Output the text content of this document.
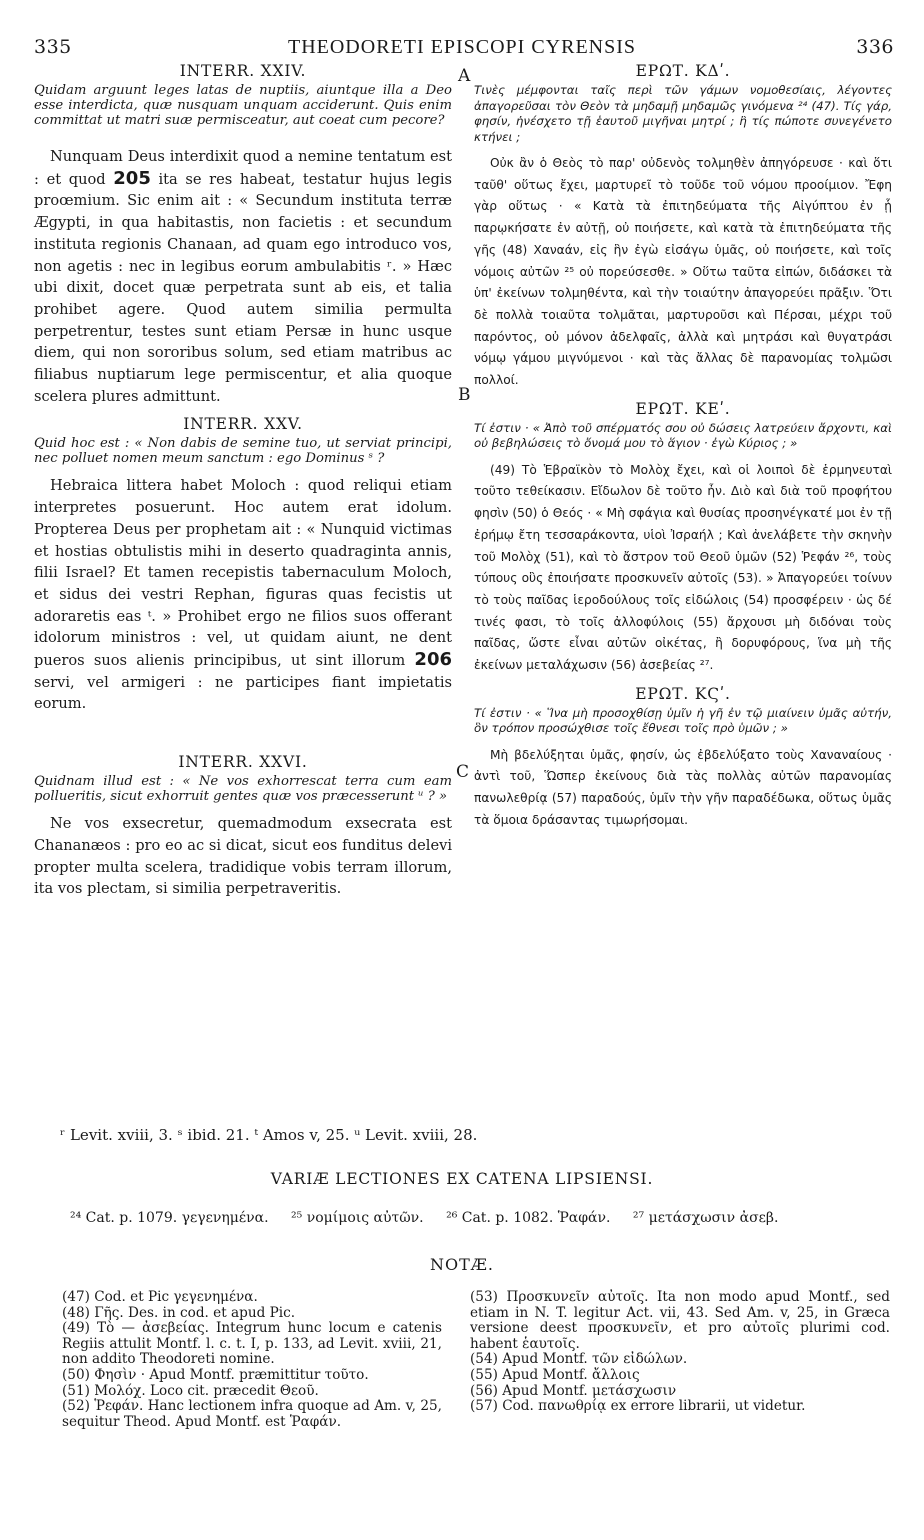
335	THEODORETI EPISCOPI CYRENSIS	336
A
B
C
INTERR. XXIV.
Quidam arguunt leges latas de nuptiis, aiuntque illa a Deo esse interdicta, quæ nusquam unquam acciderunt. Quis enim committat ut matri suæ permisceatur, aut coeat cum pecore?
Nunquam Deus interdixit quod a nemine tentatum est : et quod 205 ita se res habeat, testatur hujus legis proœmium. Sic enim ait : « Secundum instituta terræ Ægypti, in qua habitastis, non facietis : et secundum instituta regionis Chanaan, ad quam ego introduco vos, non agetis : nec in legibus eorum ambulabitis ʳ. » Hæc ubi dixit, docet quæ perpetrata sunt ab eis, et talia prohibet agere. Quod autem similia permulta perpetrentur, testes sunt etiam Persæ in hunc usque diem, qui non sororibus solum, sed etiam matribus ac filiabus nuptiarum lege permiscentur, et alia quoque scelera plures admittunt.
INTERR. XXV.
Quid hoc est : « Non dabis de semine tuo, ut serviat principi, nec polluet nomen meum sanctum : ego Dominus ˢ ?
Hebraica littera habet Moloch : quod reliqui etiam interpretes posuerunt. Hoc autem erat idolum. Propterea Deus per prophetam ait : « Nunquid victimas et hostias obtulistis mihi in deserto quadraginta annis, filii Israel? Et tamen recepistis tabernaculum Moloch, et sidus dei vestri Rephan, figuras quas fecistis ut adoraretis eas ᵗ. » Prohibet ergo ne filios suos offerant idolorum ministros : vel, ut quidam aiunt, ne dent pueros suos alienis principibus, ut sint illorum 206 servi, vel armigeri : ne participes fiant impietatis eorum.
INTERR. XXVI.
Quidnam illud est : « Ne vos exhorrescat terra cum eam pollueritis, sicut exhorruit gentes quæ vos præcesserunt ᵘ ? »
Ne vos exsecretur, quemadmodum exsecrata est Chananæos : pro eo ac si dicat, sicut eos funditus delevi propter multa scelera, tradidique vobis terram illorum, ita vos plectam, si similia perpetraveritis.
ΕΡΩΤ. ΚΔʹ.
Τινὲς μέμφονται ταῖς περὶ τῶν γάμων νομοθεσίαις, λέγοντες ἀπαγορεῦσαι τὸν Θεὸν τὰ μηδαμῇ μηδαμῶς γινόμενα ²⁴ (47). Τίς γάρ, φησίν, ἠνέσχετο τῇ ἑαυτοῦ μιγῆναι μητρί ; ἢ τίς πώποτε συνεγένετο κτήνει ;
Οὐκ ἂν ὁ Θεὸς τὸ παρ' οὐδενὸς τολμηθὲν ἀπηγόρευσε · καὶ ὅτι ταῦθ' οὕτως ἔχει, μαρτυρεῖ τὸ τοῦδε τοῦ νόμου προοίμιον. Ἔφη γὰρ οὕτως · « Κατὰ τὰ ἐπιτηδεύματα τῆς Αἰγύπτου ἐν ᾗ παρῳκήσατε ἐν αὐτῇ, οὐ ποιήσετε, καὶ κατὰ τὰ ἐπιτηδεύματα τῆς γῆς (48) Χαναάν, εἰς ἣν ἐγὼ εἰσάγω ὑμᾶς, οὐ ποιήσετε, καὶ τοῖς νόμοις αὐτῶν ²⁵ οὐ πορεύσεσθε. » Οὕτω ταῦτα εἰπών, διδάσκει τὰ ὑπ' ἐκείνων τολμηθέντα, καὶ τὴν τοιαύτην ἀπαγορεύει πρᾶξιν. Ὅτι δὲ πολλὰ τοιαῦτα τολμᾶται, μαρτυροῦσι καὶ Πέρσαι, μέχρι τοῦ παρόντος, οὐ μόνον ἀδελφαῖς, ἀλλὰ καὶ μητράσι καὶ θυγατράσι νόμῳ γάμου μιγνύμενοι · καὶ τὰς ἄλλας δὲ παρανομίας τολμῶσι πολλοί.
ΕΡΩΤ. ΚΕʹ.
Τί ἐστιν · « Ἀπὸ τοῦ σπέρματός σου οὐ δώσεις λατρεύειν ἄρχοντι, καὶ οὐ βεβηλώσεις τὸ ὄνομά μου τὸ ἅγιον · ἐγὼ Κύριος ; »
(49) Τὸ Ἑβραϊκὸν τὸ Μολὸχ ἔχει, καὶ οἱ λοιποὶ δὲ ἑρμηνευταὶ τοῦτο τεθείκασιν. Εἴδωλον δὲ τοῦτο ἦν. Διὸ καὶ διὰ τοῦ προφήτου φησὶν (50) ὁ Θεός · « Μὴ σφάγια καὶ θυσίας προσηνέγκατέ μοι ἐν τῇ ἐρήμῳ ἔτη τεσσαράκοντα, υἱοὶ Ἰσραήλ ; Καὶ ἀνελάβετε τὴν σκηνὴν τοῦ Μολὸχ (51), καὶ τὸ ἄστρον τοῦ Θεοῦ ὑμῶν (52) Ῥεφάν ²⁶, τοὺς τύπους οὓς ἐποιήσατε προσκυνεῖν αὐτοῖς (53). » Ἀπαγορεύει τοίνυν τὸ τοὺς παῖδας ἱεροδούλους τοῖς εἰδώλοις (54) προσφέρειν · ὡς δέ τινές φασι, τὸ τοῖς ἀλλοφύλοις (55) ἄρχουσι μὴ διδόναι τοὺς παῖδας, ὥστε εἶναι αὐτῶν οἰκέτας, ἢ δορυφόρους, ἵνα μὴ τῆς ἐκείνων μεταλάχωσιν (56) ἀσεβείας ²⁷.
ΕΡΩΤ. ΚϚʹ.
Τί ἐστιν · « Ἵνα μὴ προσοχθίσῃ ὑμῖν ἡ γῆ ἐν τῷ μιαίνειν ὑμᾶς αὐτήν, ὃν τρόπον προσώχθισε τοῖς ἔθνεσι τοῖς πρὸ ὑμῶν ; »
Μὴ βδελύξηται ὑμᾶς, φησίν, ὡς ἐβδελύξατο τοὺς Χαναναίους · ἀντὶ τοῦ, Ὥσπερ ἐκείνους διὰ τὰς πολλὰς αὐτῶν παρανομίας πανωλεθρίᾳ (57) παραδούς, ὑμῖν τὴν γῆν παραδέδωκα, οὕτως ὑμᾶς τὰ ὅμοια δράσαντας τιμωρήσομαι.
ʳ Levit. xviii, 3. ˢ ibid. 21. ᵗ Amos v, 25. ᵘ Levit. xviii, 28.
VARIÆ LECTIONES EX CATENA LIPSIENSI.
²⁴ Cat. p. 1079. γεγενημένα. ²⁵ νομίμοις αὐτῶν. ²⁶ Cat. p. 1082. Ῥαφάν. ²⁷ μετάσχωσιν ἀσεβ.
NOTÆ.
(47) Cod. et Pic γεγενημένα.
(48) Γῆς. Des. in cod. et apud Pic.
(49) Τὸ — ἀσεβείας. Integrum hunc locum e catenis Regiis attulit Montf. l. c. t. I, p. 133, ad Levit. xviii, 21, non addito Theodoreti nomine.
(50) Φησὶν · Apud Montf. præmittitur τοῦτο.
(51) Μολόχ. Loco cit. præcedit Θεοῦ.
(52) Ῥεφάν. Hanc lectionem infra quoque ad Am. v, 25, sequitur Theod. Apud Montf. est Ῥαφάν.
(53) Προσκυνεῖν αὐτοῖς. Ita non modo apud Montf., sed etiam in N. T. legitur Act. vii, 43. Sed Am. v, 25, in Græca versione deest προσκυνεῖν, et pro αὐτοῖς plurimi cod. habent ἑαυτοῖς.
(54) Apud Montf. τῶν εἰδώλων.
(55) Apud Montf. ἄλλοις
(56) Apud Montf. μετάσχωσιν
(57) Cod. πανωθρίᾳ ex errore librarii, ut videtur.
